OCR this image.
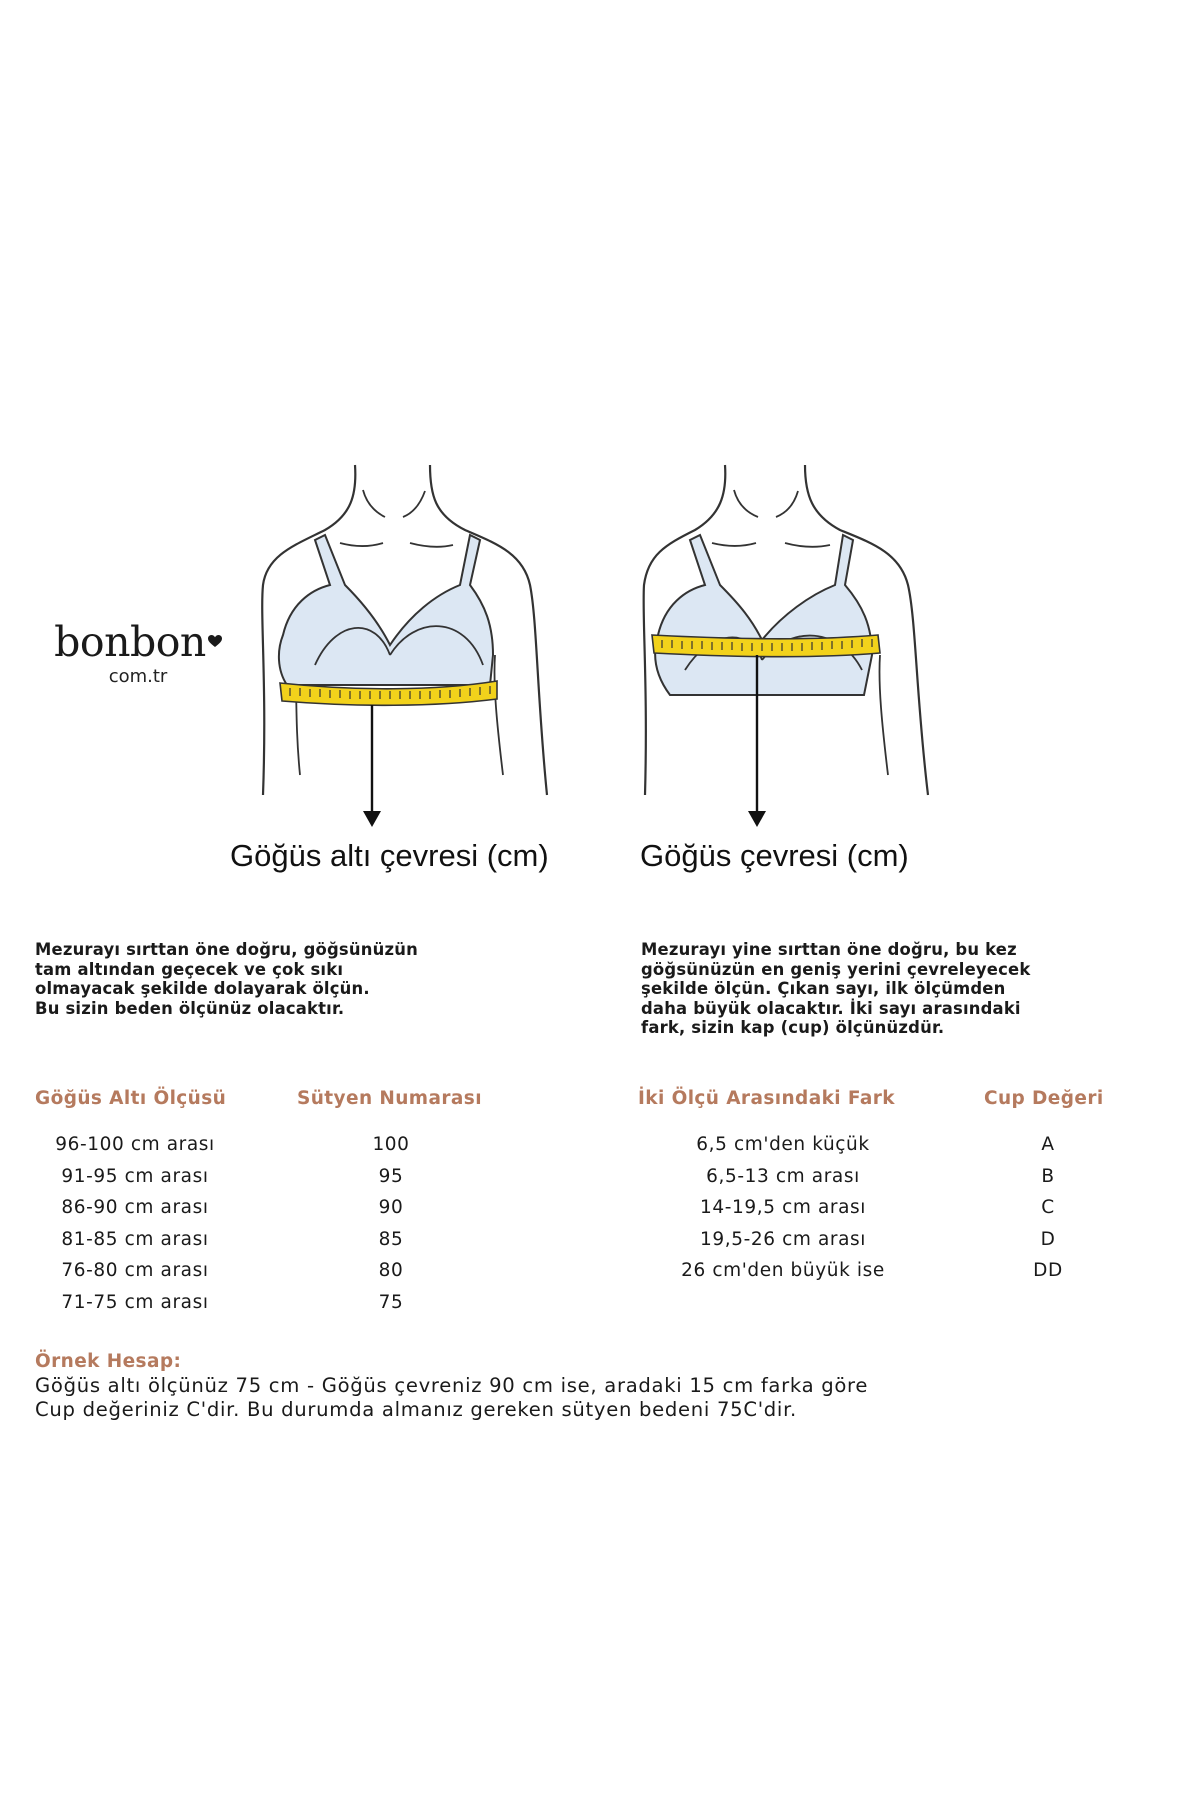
bonbon
com.tr
Göğüs altı çevresi (cm)	Göğüs çevresi (cm)
Mezurayı sırttan öne doğru, göğsünüzün
tam altından geçecek ve çok sıkı
olmayacak şekilde dolayarak ölçün.
Bu sizin beden ölçünüz olacaktır.
Mezurayı yine sırttan öne doğru, bu kez
göğsünüzün en geniş yerini çevreleyecek
şekilde ölçün. Çıkan sayı, ilk ölçümden
daha büyük olacaktır. İki sayı arasındaki
fark, sizin kap (cup) ölçünüzdür.
Göğüs Altı Ölçüsü	Sütyen Numarası
96-100 cm arası	100
91-95 cm arası	95
86-90 cm arası	90
81-85 cm arası	85
76-80 cm arası	80
71-75 cm arası	75
İki Ölçü Arasındaki Fark	Cup Değeri
6,5 cm'den küçük	A
6,5-13 cm arası	B
14-19,5 cm arası	C
19,5-26 cm arası	D
26 cm'den büyük ise	DD
Örnek Hesap:
Göğüs altı ölçünüz 75 cm - Göğüs çevreniz 90 cm ise, aradaki 15 cm farka göre
Cup değeriniz C'dir. Bu durumda almanız gereken sütyen bedeni 75C'dir.
